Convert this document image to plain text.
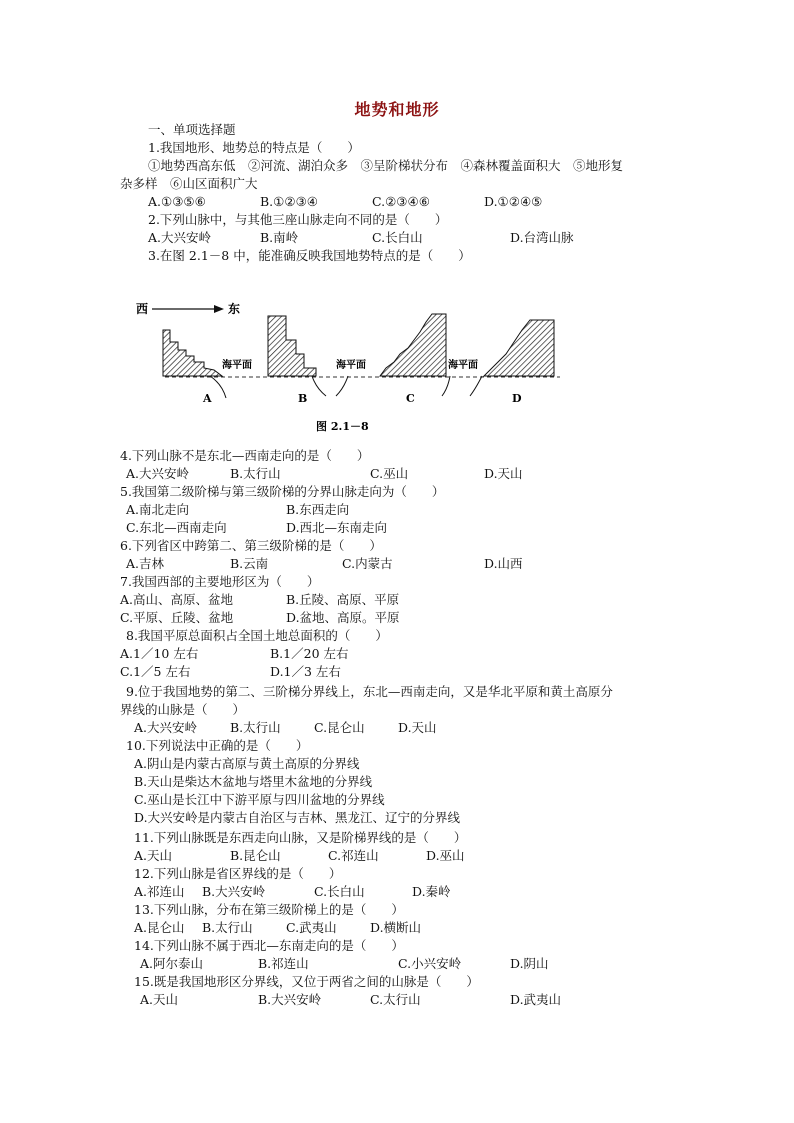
地势和地形
一、单项选择题
1.我国地形、地势总的特点是（　　）
①地势西高东低　②河流、湖泊众多　③呈阶梯状分布　④森林覆盖面积大　⑤地形复
杂多样　⑥山区面积广大
A.①③⑤⑥	B.①②③④	C.②③④⑥	D.①②④⑤
2.下列山脉中，与其他三座山脉走向不同的是（　　）
A.大兴安岭	B.南岭	C.长白山	D.台湾山脉
3.在图 2.1－8 中，能准确反映我国地势特点的是（　　）
西	东
海平面	海平面	海平面
A	B	C	D
图 2.1－8
4.下列山脉不是东北—西南走向的是（　　）
A.大兴安岭	B.太行山	C.巫山	D.天山
5.我国第二级阶梯与第三级阶梯的分界山脉走向为（　　）
A.南北走向	B.东西走向
C.东北—西南走向	D.西北—东南走向
6.下列省区中跨第二、第三级阶梯的是（　　）
A.吉林	B.云南	C.内蒙古	D.山西
7.我国西部的主要地形区为（　　）
A.高山、高原、盆地	B.丘陵、高原、平原
C.平原、丘陵、盆地	D.盆地、高原。平原
8.我国平原总面积占全国土地总面积的（　　）
A.1／10 左右	B.1／20 左右
C.1／5 左右	D.1／3 左右
9.位于我国地势的第二、三阶梯分界线上，东北—西南走向，又是华北平原和黄土高原分
界线的山脉是（　　）
A.大兴安岭	B.太行山	C.昆仑山	D.天山
10.下列说法中正确的是（　　）
A.阴山是内蒙古高原与黄土高原的分界线
B.天山是柴达木盆地与塔里木盆地的分界线
C.巫山是长江中下游平原与四川盆地的分界线
D.大兴安岭是内蒙古自治区与吉林、黑龙江、辽宁的分界线
11.下列山脉既是东西走向山脉，又是阶梯界线的是（　　）
A.天山	B.昆仑山	C.祁连山	D.巫山
12.下列山脉是省区界线的是（　　）
A.祁连山 B.大兴安岭	C.长白山	D.秦岭
13.下列山脉，分布在第三级阶梯上的是（　　）
A.昆仑山 B.太行山	C.武夷山	D.横断山
14.下列山脉不属于西北—东南走向的是（　　）
A.阿尔泰山	B.祁连山	C.小兴安岭	D.阴山
15.既是我国地形区分界线，又位于两省之间的山脉是（　　）
A.天山	B.大兴安岭	C.太行山	D.武夷山
